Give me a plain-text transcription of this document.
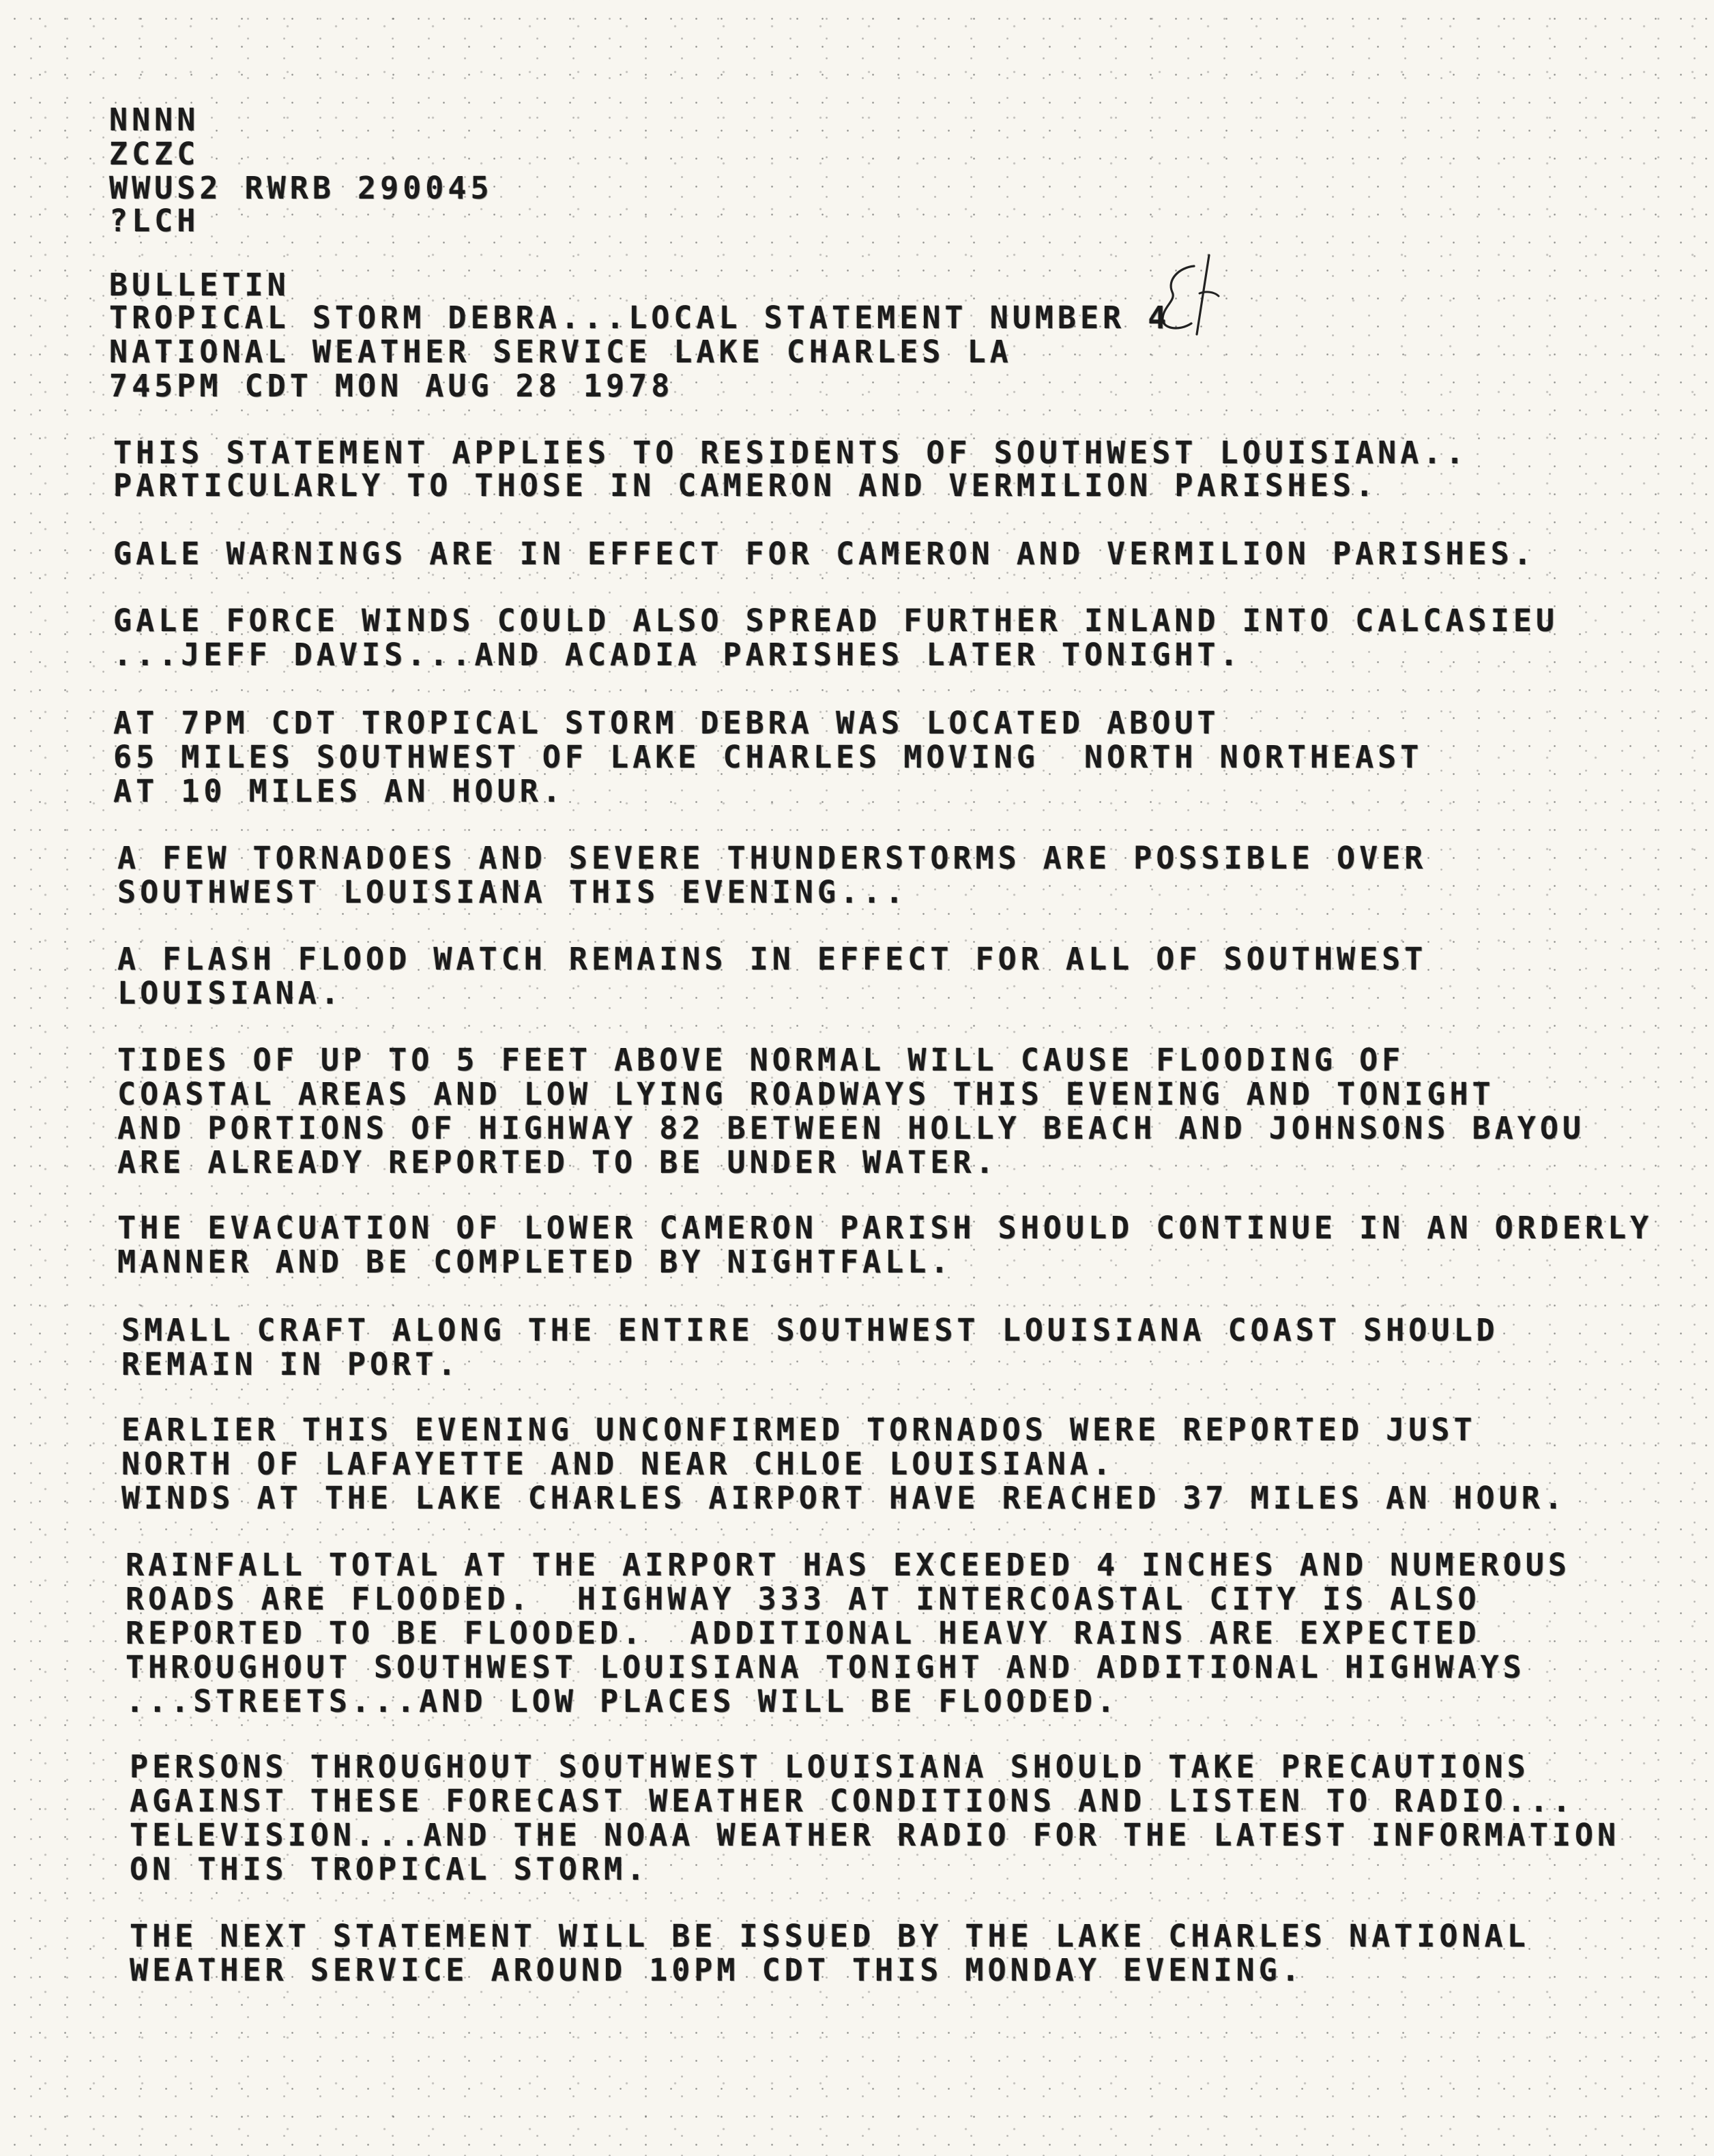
NNNN
ZCZC
WWUS2 RWRB 290045
?LCH
BULLETIN
TROPICAL STORM DEBRA...LOCAL STATEMENT NUMBER 4
NATIONAL WEATHER SERVICE LAKE CHARLES LA
745PM CDT MON AUG 28 1978
THIS STATEMENT APPLIES TO RESIDENTS OF SOUTHWEST LOUISIANA..
PARTICULARLY TO THOSE IN CAMERON AND VERMILION PARISHES.
GALE WARNINGS ARE IN EFFECT FOR CAMERON AND VERMILION PARISHES.
GALE FORCE WINDS COULD ALSO SPREAD FURTHER INLAND INTO CALCASIEU
...JEFF DAVIS...AND ACADIA PARISHES LATER TONIGHT.
AT 7PM CDT TROPICAL STORM DEBRA WAS LOCATED ABOUT
65 MILES SOUTHWEST OF LAKE CHARLES MOVING  NORTH NORTHEAST
AT 10 MILES AN HOUR.
A FEW TORNADOES AND SEVERE THUNDERSTORMS ARE POSSIBLE OVER
SOUTHWEST LOUISIANA THIS EVENING...
A FLASH FLOOD WATCH REMAINS IN EFFECT FOR ALL OF SOUTHWEST
LOUISIANA.
TIDES OF UP TO 5 FEET ABOVE NORMAL WILL CAUSE FLOODING OF
COASTAL AREAS AND LOW LYING ROADWAYS THIS EVENING AND TONIGHT
AND PORTIONS OF HIGHWAY 82 BETWEEN HOLLY BEACH AND JOHNSONS BAYOU
ARE ALREADY REPORTED TO BE UNDER WATER.
THE EVACUATION OF LOWER CAMERON PARISH SHOULD CONTINUE IN AN ORDERLY
MANNER AND BE COMPLETED BY NIGHTFALL.
SMALL CRAFT ALONG THE ENTIRE SOUTHWEST LOUISIANA COAST SHOULD
REMAIN IN PORT.
EARLIER THIS EVENING UNCONFIRMED TORNADOS WERE REPORTED JUST
NORTH OF LAFAYETTE AND NEAR CHLOE LOUISIANA.
WINDS AT THE LAKE CHARLES AIRPORT HAVE REACHED 37 MILES AN HOUR.
RAINFALL TOTAL AT THE AIRPORT HAS EXCEEDED 4 INCHES AND NUMEROUS
ROADS ARE FLOODED.  HIGHWAY 333 AT INTERCOASTAL CITY IS ALSO
REPORTED TO BE FLOODED.  ADDITIONAL HEAVY RAINS ARE EXPECTED
THROUGHOUT SOUTHWEST LOUISIANA TONIGHT AND ADDITIONAL HIGHWAYS
...STREETS...AND LOW PLACES WILL BE FLOODED.
PERSONS THROUGHOUT SOUTHWEST LOUISIANA SHOULD TAKE PRECAUTIONS
AGAINST THESE FORECAST WEATHER CONDITIONS AND LISTEN TO RADIO...
TELEVISION...AND THE NOAA WEATHER RADIO FOR THE LATEST INFORMATION
ON THIS TROPICAL STORM.
THE NEXT STATEMENT WILL BE ISSUED BY THE LAKE CHARLES NATIONAL
WEATHER SERVICE AROUND 10PM CDT THIS MONDAY EVENING.
